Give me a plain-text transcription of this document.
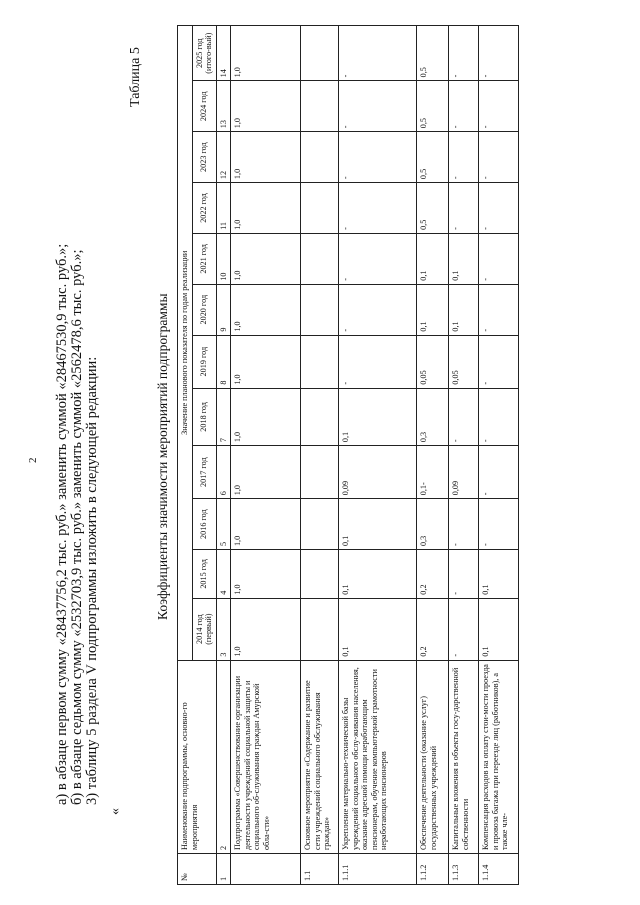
2 а) в абзаце первом сумму «28437756,2 тыс. руб.» заменить суммой «28467530,9 тыс. руб.»; б) в абзаце седьмом сумму «2532703,9 тыс. руб.» заменить суммой «2562478,6 тыс. руб.»; 3) таблицу 5 раздела V подпрограммы изложить в следующей редакции:
«
Таблица 5
Коэффициенты значимости мероприятий подпрограммы
№	Наименование подпрограммы, основно-го мероприятия	Значение планового показателя по годам реализации											
		2014 год (первый)	2015 год	2016 год	2017 год	2018 год	2019 год	2020 год	2021 год	2022 год	2023 год	2024 год	2025 год (итого-вый)
1	2	3	4	5	6	7	8	9	10	11	12	13	14
	Подпрограмма «Совершенствование организации деятельности учреждений социальной защиты и социального об-служивания граждан Амурской обла-сти»	1,0	1,0	1,0	1,0	1,0	1,0	1,0	1,0	1,0	1,0	1,0	1,0
1.1	Основное мероприятие «Содержание и развитие сети учреждений социального обслуживания граждан»												
1.1.1	Укрепление материально-технической базы учреждений социального обслу-живания населения, оказание адресной помощи неработающим пенсионерам, обучение компьютерной грамотности неработающих пенсионеров	0,1	0,1	0,1	0,09	0,1	-	-	-	-	-	-	-
1.1.2	Обеспечение деятельности (оказание услуг) государственных учреждений	0,2	0,2	0,3	0,1-	0,3	0,05	0,1	0,1	0,5	0,5	0,5	0,5
1.1.3	Капитальные вложения в объекты госу-дарственной собственности	-	-	-	0,09	-	0,05	0,1	0,1	-	-	-	-
1.1.4	Компенсация расходов на оплату стои-мости проезда и провоза багажа при переезде лиц (работников), а также чле-	0,1	0,1	-	-	-	-	-	-	-	-	-	-
